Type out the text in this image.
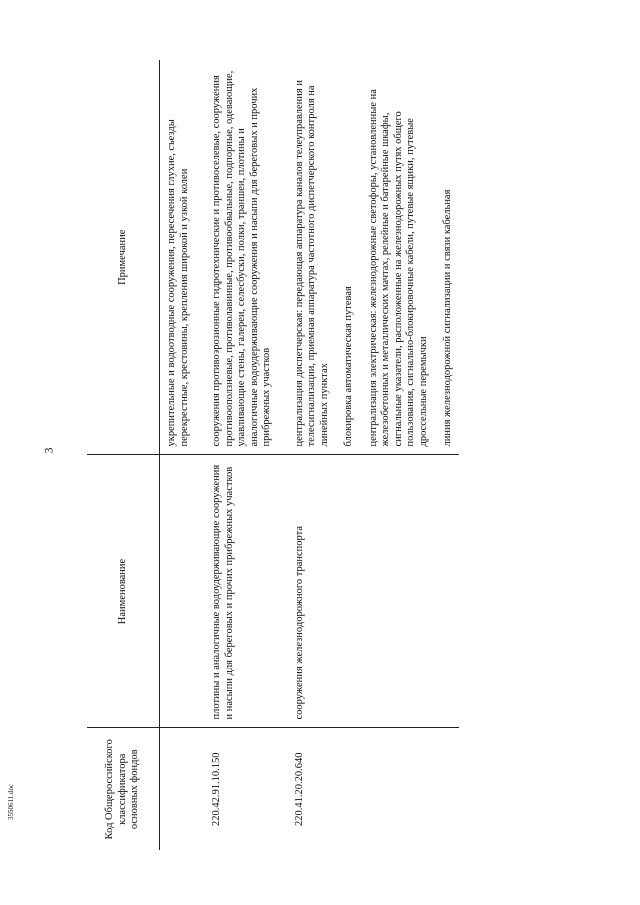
3
Код Общероссийского классификатора основных фондов	Наименование	Примечание

		укрепительные и водоотводные сооружения, пересечения глухие, съезды перекрестные, крестовины, крепления широкой и узкой колеи

220.42.91.10.150	плотины и аналогичные водоудерживающие сооружения и насыпи для береговых и прочих прибрежных участков	сооружения противоэрозионные гидротехнические и противоселевые, сооружения противооползневые, противолавинные, противообвальные, подпорные, одевающие, улавливающие стены, галереи, селесбуски, полки, траншеи, плотины и аналогичные водоудерживающие сооружения и насыпи для береговых и прочих прибрежных участков

220.41.20.20.640	сооружения железнодорожного транспорта	централизация диспетчерская: передающая аппаратура каналов телеуправления и телесигнализации, приемная аппаратура частотного диспетчерского контроля на линейных пунктах блокировка автоматическая путевая централизация электрическая: железнодорожные светофоры, установленные на железобетонных и металлических мачтах, релейные и батарейные шкафы, сигнальные указатели, расположенные на железнодорожных путях общего пользования, сигнально-блокировочные кабели, путевые ящики, путевые дроссельные перемычки линия железнодорожной сигнализации и связи кабельная
3550611.doc
